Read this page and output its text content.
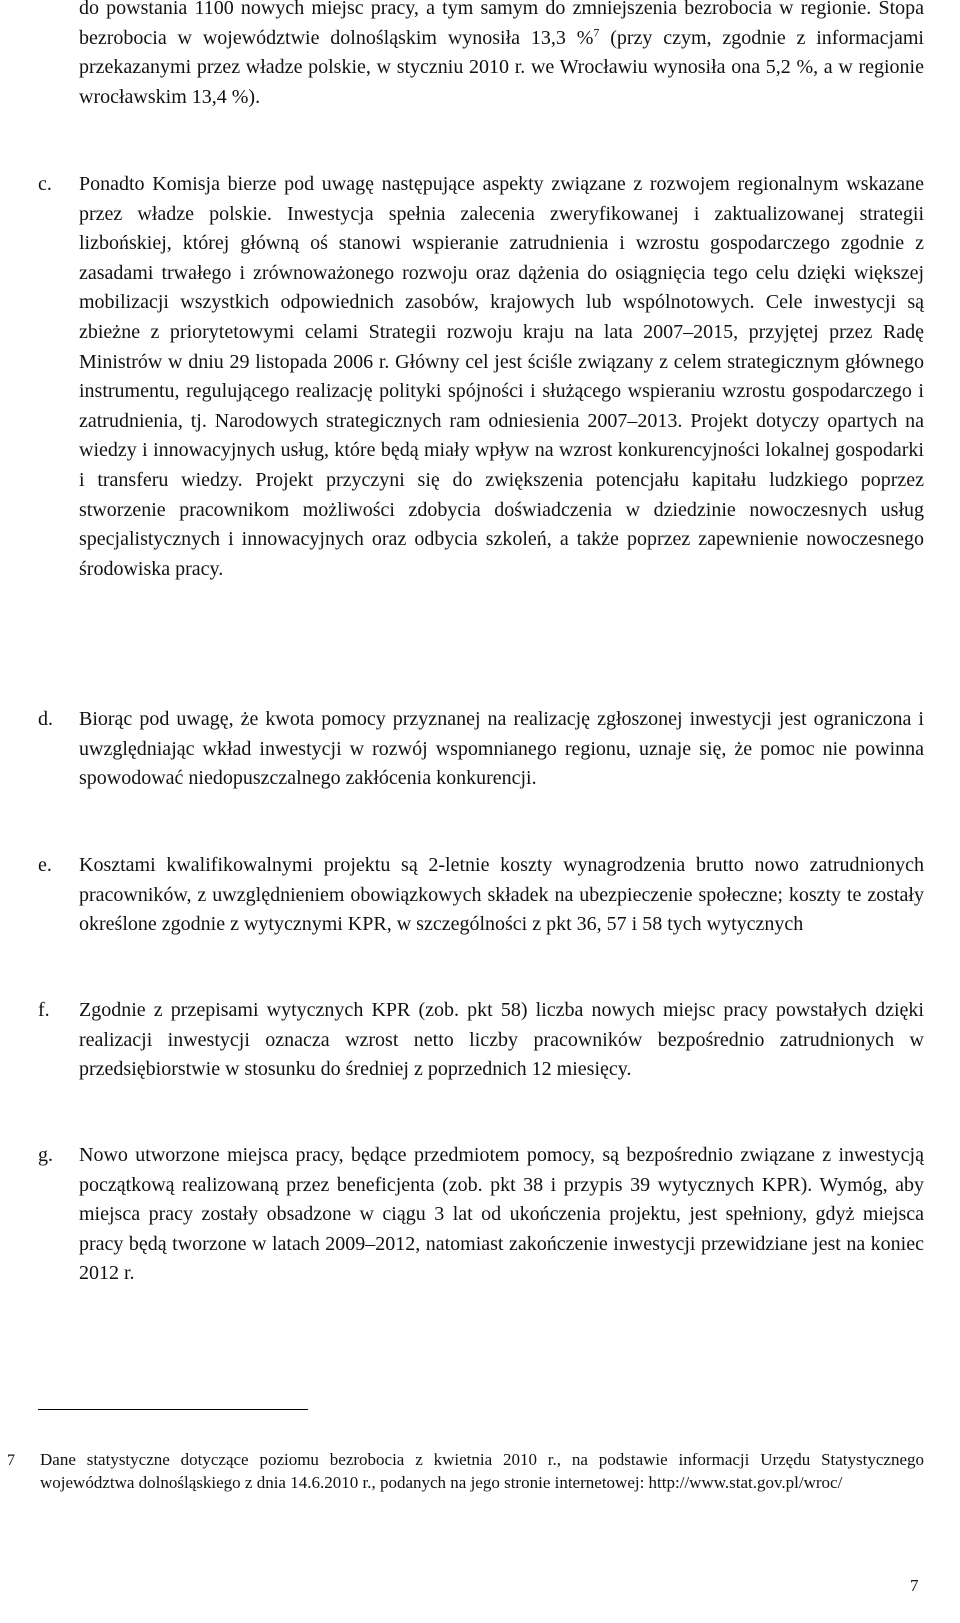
do powstania 1100 nowych miejsc pracy, a tym samym do zmniejszenia bezrobocia w regionie. Stopa bezrobocia w województwie dolnośląskim wynosiła 13,3 %$^7$ (przy czym, zgodnie z informacjami przekazanymi przez władze polskie, w styczniu 2010 r. we Wrocławiu wynosiła ona 5,2 %, a w regionie wrocławskim 13,4 %).
c. Ponadto Komisja bierze pod uwagę następujące aspekty związane z rozwojem regionalnym wskazane przez władze polskie. Inwestycja spełnia zalecenia zweryfikowanej i zaktualizowanej strategii lizbońskiej, której główną oś stanowi wspieranie zatrudnienia i wzrostu gospodarczego zgodnie z zasadami trwałego i zrównoważonego rozwoju oraz dążenia do osiągnięcia tego celu dzięki większej mobilizacji wszystkich odpowiednich zasobów, krajowych lub wspólnotowych. Cele inwestycji są zbieżne z priorytetowymi celami Strategii rozwoju kraju na lata 2007–2015, przyjętej przez Radę Ministrów w dniu 29 listopada 2006 r. Główny cel jest ściśle związany z celem strategicznym głównego instrumentu, regulującego realizację polityki spójności i służącego wspieraniu wzrostu gospodarczego i zatrudnienia, tj. Narodowych strategicznych ram odniesienia 2007–2013. Projekt dotyczy opartych na wiedzy i innowacyjnych usług, które będą miały wpływ na wzrost konkurencyjności lokalnej gospodarki i transferu wiedzy. Projekt przyczyni się do zwiększenia potencjału kapitału ludzkiego poprzez stworzenie pracownikom możliwości zdobycia doświadczenia w dziedzinie nowoczesnych usług specjalistycznych i innowacyjnych oraz odbycia szkoleń, a także poprzez zapewnienie nowoczesnego środowiska pracy.
d. Biorąc pod uwagę, że kwota pomocy przyznanej na realizację zgłoszonej inwestycji jest ograniczona i uwzględniając wkład inwestycji w rozwój wspomnianego regionu, uznaje się, że pomoc nie powinna spowodować niedopuszczalnego zakłócenia konkurencji.
e. Kosztami kwalifikowalnymi projektu są 2-letnie koszty wynagrodzenia brutto nowo zatrudnionych pracowników, z uwzględnieniem obowiązkowych składek na ubezpieczenie społeczne; koszty te zostały określone zgodnie z wytycznymi KPR, w szczególności z pkt 36, 57 i 58 tych wytycznych
f. Zgodnie z przepisami wytycznych KPR (zob. pkt 58) liczba nowych miejsc pracy powstałych dzięki realizacji inwestycji oznacza wzrost netto liczby pracowników bezpośrednio zatrudnionych w przedsiębiorstwie w stosunku do średniej z poprzednich 12 miesięcy.
g. Nowo utworzone miejsca pracy, będące przedmiotem pomocy, są bezpośrednio związane z inwestycją początkową realizowaną przez beneficjenta (zob. pkt 38 i przypis 39 wytycznych KPR). Wymóg, aby miejsca pracy zostały obsadzone w ciągu 3 lat od ukończenia projektu, jest spełniony, gdyż miejsca pracy będą tworzone w latach 2009–2012, natomiast zakończenie inwestycji przewidziane jest na koniec 2012 r.
7 Dane statystyczne dotyczące poziomu bezrobocia z kwietnia 2010 r., na podstawie informacji Urzędu Statystycznego województwa dolnośląskiego z dnia 14.6.2010 r., podanych na jego stronie internetowej: http://www.stat.gov.pl/wroc/
7
